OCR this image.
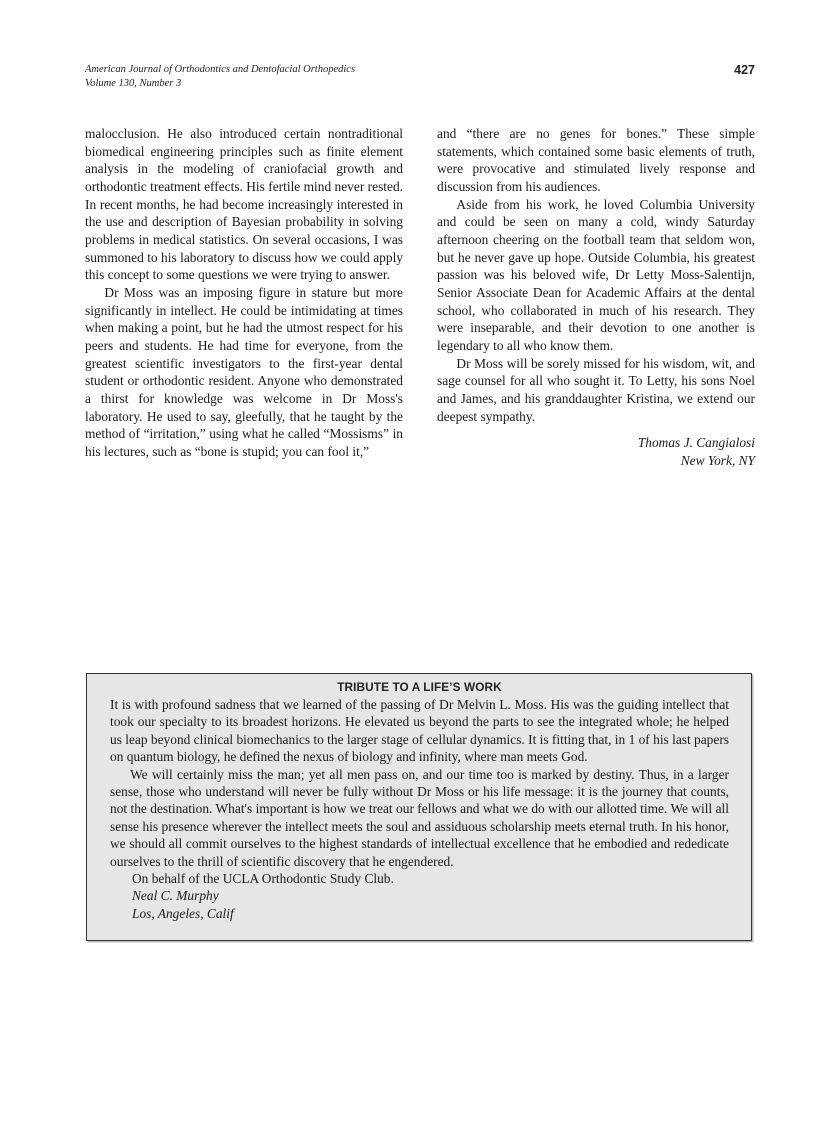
American Journal of Orthodontics and Dentofacial Orthopedics
Volume 130, Number 3
427

malocclusion. He also introduced certain nontraditional biomedical engineering principles such as finite element analysis in the modeling of craniofacial growth and orthodontic treatment effects. His fertile mind never rested. In recent months, he had become increasingly interested in the use and description of Bayesian probability in solving problems in medical statistics. On several occasions, I was summoned to his laboratory to discuss how we could apply this concept to some questions we were trying to answer.

Dr Moss was an imposing figure in stature but more significantly in intellect. He could be intimidating at times when making a point, but he had the utmost respect for his peers and students. He had time for everyone, from the greatest scientific investigators to the first-year dental student or orthodontic resident. Anyone who demonstrated a thirst for knowledge was welcome in Dr Moss's laboratory. He used to say, gleefully, that he taught by the method of “irritation,” using what he called “Mossisms” in his lectures, such as “bone is stupid; you can fool it,”

and “there are no genes for bones.” These simple statements, which contained some basic elements of truth, were provocative and stimulated lively response and discussion from his audiences.

Aside from his work, he loved Columbia University and could be seen on many a cold, windy Saturday afternoon cheering on the football team that seldom won, but he never gave up hope. Outside Columbia, his greatest passion was his beloved wife, Dr Letty Moss-Salentijn, Senior Associate Dean for Academic Affairs at the dental school, who collaborated in much of his research. They were inseparable, and their devotion to one another is legendary to all who know them.

Dr Moss will be sorely missed for his wisdom, wit, and sage counsel for all who sought it. To Letty, his sons Noel and James, and his granddaughter Kristina, we extend our deepest sympathy.

Thomas J. Cangialosi

New York, NY

TRIBUTE TO A LIFE’S WORK

It is with profound sadness that we learned of the passing of Dr Melvin L. Moss. His was the guiding intellect that took our specialty to its broadest horizons. He elevated us beyond the parts to see the integrated whole; he helped us leap beyond clinical biomechanics to the larger stage of cellular dynamics. It is fitting that, in 1 of his last papers on quantum biology, he defined the nexus of biology and infinity, where man meets God.

We will certainly miss the man; yet all men pass on, and our time too is marked by destiny. Thus, in a larger sense, those who understand will never be fully without Dr Moss or his life message: it is the journey that counts, not the destination. What's important is how we treat our fellows and what we do with our allotted time. We will all sense his presence wherever the intellect meets the soul and assiduous scholarship meets eternal truth. In his honor, we should all commit ourselves to the highest standards of intellectual excellence that he embodied and rededicate ourselves to the thrill of scientific discovery that he engendered.

On behalf of the UCLA Orthodontic Study Club.

Neal C. Murphy

Los, Angeles, Calif
